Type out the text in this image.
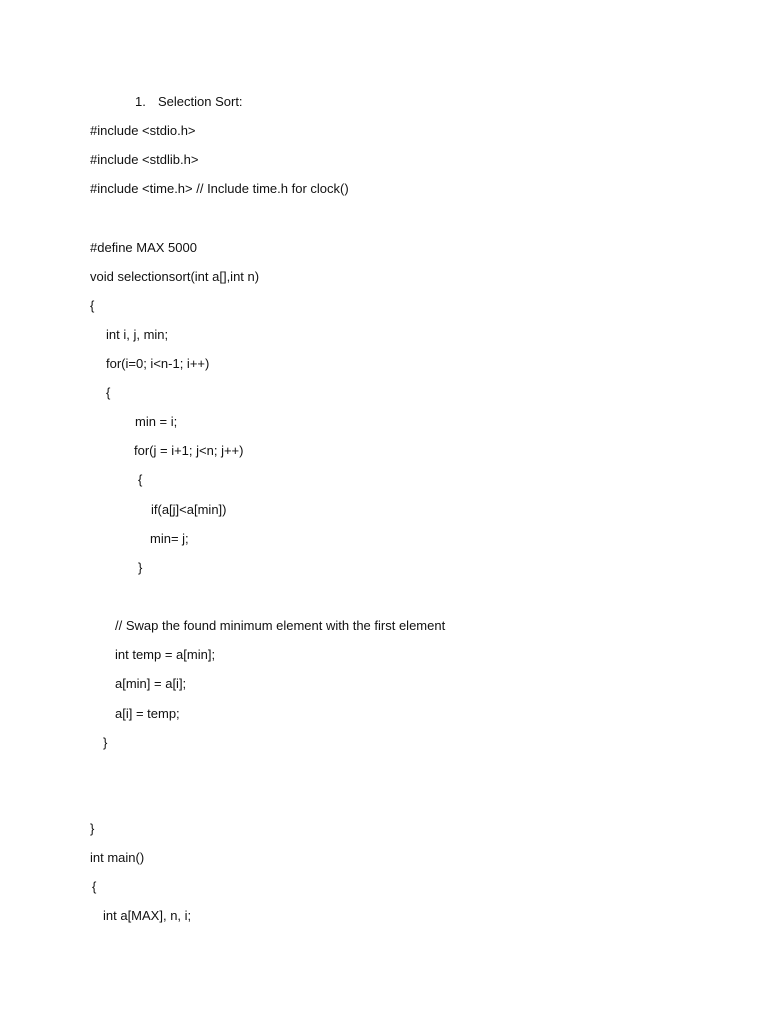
1. Selection Sort:
#include <stdio.h>
#include <stdlib.h>
#include <time.h> // Include time.h for clock()
#define MAX 5000
void selectionsort(int a[],int n)
{
int i, j, min;
for(i=0; i<n-1; i++)
{
min = i;
for(j = i+1; j<n; j++)
{
if(a[j]<a[min])
min= j;
}
// Swap the found minimum element with the first element
int temp = a[min];
a[min] = a[i];
a[i] = temp;
}
}
int main()
{
int a[MAX], n, i;
